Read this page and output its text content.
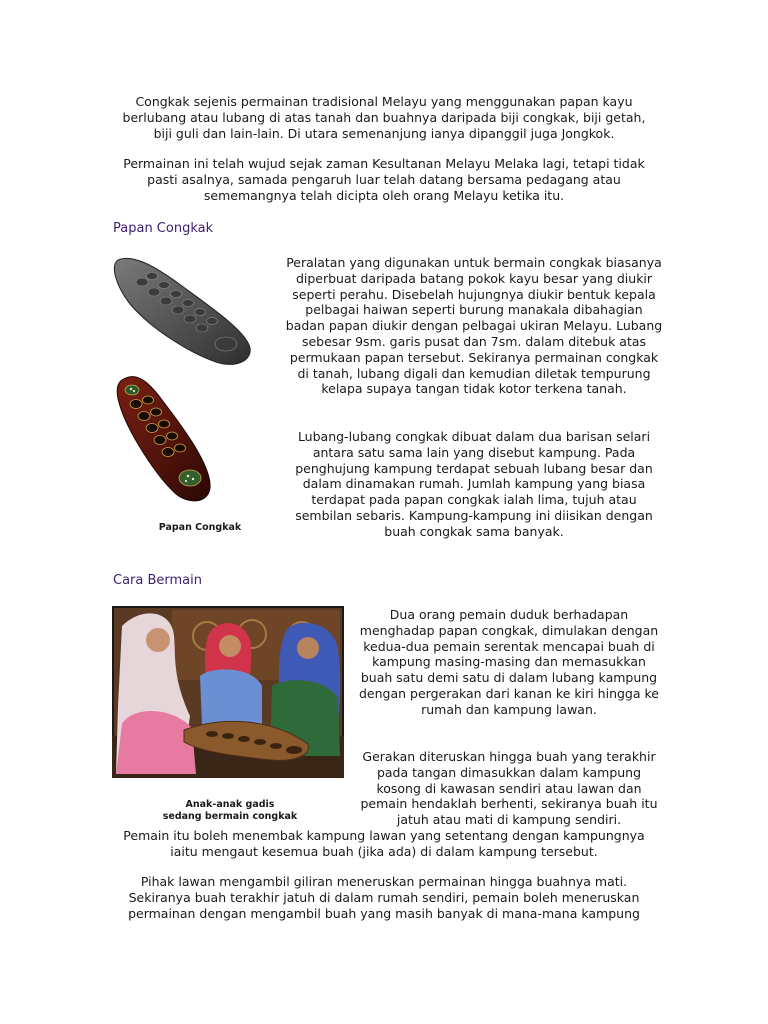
Congkak sejenis permainan tradisional Melayu yang menggunakan papan kayu berlubang atau lubang di atas tanah dan buahnya daripada biji congkak, biji getah, biji guli dan lain-lain. Di utara semenanjung ianya dipanggil juga Jongkok.

Permainan ini telah wujud sejak zaman Kesultanan Melayu Melaka lagi, tetapi tidak pasti asalnya, samada pengaruh luar telah datang bersama pedagang atau sememangnya telah dicipta oleh orang Melayu ketika itu.

Papan Congkak

Papan Congkak

Peralatan yang digunakan untuk bermain congkak biasanya diperbuat daripada batang pokok kayu besar yang diukir seperti perahu. Disebelah hujungnya diukir bentuk kepala pelbagai haiwan seperti burung manakala dibahagian badan papan diukir dengan pelbagai ukiran Melayu. Lubang sebesar 9sm. garis pusat dan 7sm. dalam ditebuk atas permukaan papan tersebut. Sekiranya permainan congkak di tanah, lubang digali dan kemudian diletak tempurung kelapa supaya tangan tidak kotor terkena tanah.

Lubang-lubang congkak dibuat dalam dua barisan selari antara satu sama lain yang disebut kampung. Pada penghujung kampung terdapat sebuah lubang besar dan dalam dinamakan rumah. Jumlah kampung yang biasa terdapat pada papan congkak ialah lima, tujuh atau sembilan sebaris. Kampung-kampung ini diisikan dengan buah congkak sama banyak.

Cara Bermain

Anak-anak gadis
sedang bermain congkak

Dua orang pemain duduk berhadapan menghadap papan congkak, dimulakan dengan kedua-dua pemain serentak mencapai buah di kampung masing-masing dan memasukkan buah satu demi satu di dalam lubang kampung dengan pergerakan dari kanan ke kiri hingga ke rumah dan kampung lawan.

Gerakan diteruskan hingga buah yang terakhir pada tangan dimasukkan dalam kampung kosong di kawasan sendiri atau lawan dan pemain hendaklah berhenti, sekiranya buah itu jatuh atau mati di kampung sendiri.

Pemain itu boleh menembak kampung lawan yang setentang dengan kampungnya iaitu mengaut kesemua buah (jika ada) di dalam kampung tersebut.

Pihak lawan mengambil giliran meneruskan permainan hingga buahnya mati. Sekiranya buah terakhir jatuh di dalam rumah sendiri, pemain boleh meneruskan permainan dengan mengambil buah yang masih banyak di mana-mana kampung
